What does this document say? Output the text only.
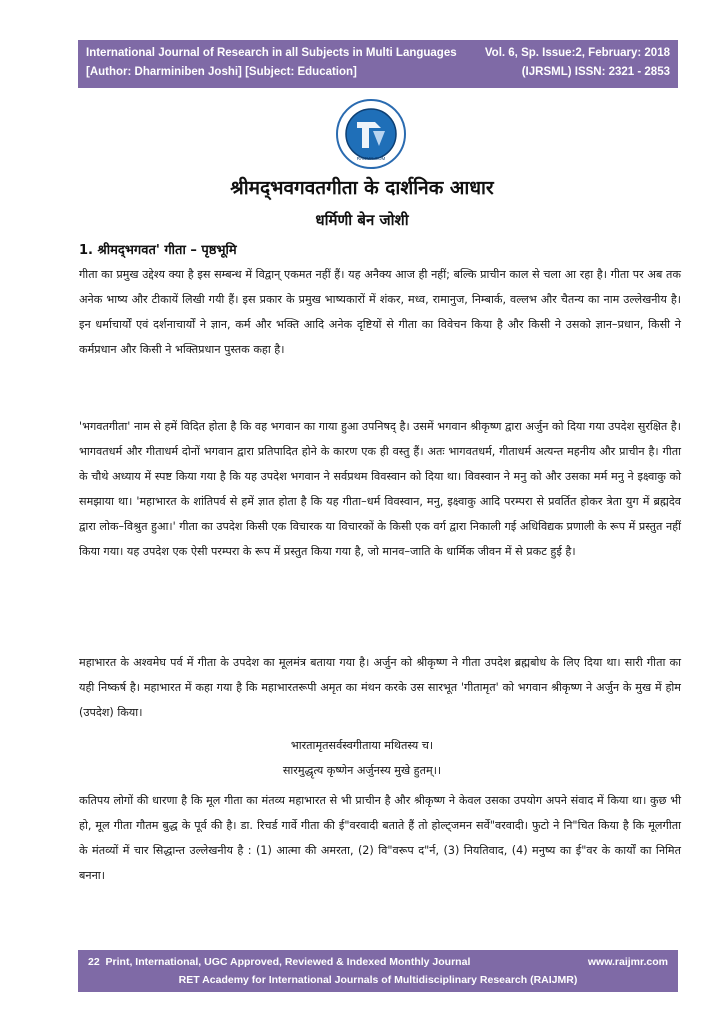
International Journal of Research in all Subjects in Multi Languages
[Author: Dharminiben Joshi] [Subject: Education]
Vol. 6, Sp. Issue:2, February: 2018
(IJRSML) ISSN: 2321 - 2853
RAIJMR.COM
श्रीमद्‌भवगवतगीता के दार्शनिक आधार
धर्मिणी बेन जोशी
1. श्रीमद्‌भगवत' गीता – पृष्ठभूमि
गीता का प्रमुख उद्देश्य क्या है इस सम्बन्ध में विद्वान्‌ एकमत नहीं हैं। यह अनैक्य आज ही नहीं; बल्कि प्राचीन काल से चला आ रहा है। गीता पर अब तक अनेक भाष्य और टीकायें लिखी गयी हैं। इस प्रकार के प्रमुख भाष्यकारों में शंकर, मध्व, रामानुज, निम्बार्क, वल्लभ और चैतन्य का नाम उल्लेखनीय है। इन धर्माचार्यों एवं दर्शनाचार्यों ने ज्ञान, कर्म और भक्ति आदि अनेक दृष्टियों से गीता का विवेचन किया है और किसी ने उसको ज्ञान–प्रधान, किसी ने कर्मप्रधान और किसी ने भक्तिप्रधान पुस्तक कहा है।
'भगवतगीता' नाम से हमें विदित होता है कि वह भगवान का गाया हुआ उपनिषद्‌ है। उसमें भगवान श्रीकृष्ण द्वारा अर्जुन को दिया गया उपदेश सुरक्षित है। भागवतधर्म और गीताधर्म दोनों भगवान द्वारा प्रतिपादित होने के कारण एक ही वस्तु हैं। अतः भागवतधर्म, गीताधर्म अत्यन्त महनीय और प्राचीन है। गीता के चौथे अध्याय में स्पष्ट किया गया है कि यह उपदेश भगवान ने सर्वप्रथम विवस्वान को दिया था। विवस्वान ने मनु को और उसका मर्म मनु ने इक्ष्वाकु को समझाया था। 'महाभारत के शांतिपर्व से हमें ज्ञात होता है कि यह गीता–धर्म विवस्वान, मनु, इक्ष्वाकु आदि परम्परा से प्रवर्तित होकर त्रेता युग में ब्रह्मदेव द्वारा लोक–विश्रुत हुआ।' गीता का उपदेश किसी एक विचारक या विचारकों के किसी एक वर्ग द्वारा निकाली गई अधिविद्यक प्रणाली के रूप में प्रस्तुत नहीं किया गया। यह उपदेश एक ऐसी परम्परा के रूप में प्रस्तुत किया गया है, जो मानव–जाति के धार्मिक जीवन में से प्रकट हुई है।
महाभारत के अश्वमेघ पर्व में गीता के उपदेश का मूलमंत्र बताया गया है। अर्जुन को श्रीकृष्ण ने गीता उपदेश ब्रह्मबोध के लिए दिया था। सारी गीता का यही निष्कर्ष है। महाभारत में कहा गया है कि महाभारतरूपी अमृत का मंथन करके उस सारभूत 'गीतामृत' को भगवान श्रीकृष्ण ने अर्जुन के मुख में होम (उपदेश) किया।
भारतामृतसर्वस्वगीताया मथितस्य च।
सारमुद्धृत्य कृष्णेन अर्जुनस्य मुखे हुतम्‌।।
कतिपय लोगों की धारणा है कि मूल गीता का मंतव्य महाभारत से भी प्राचीन है और श्रीकृष्ण ने केवल उसका उपयोग अपने संवाद में किया था। कुछ भी हो, मूल गीता गौतम बुद्ध के पूर्व की है। डा. रिचर्ड गार्वे गीता की ई"वरवादी बताते हैं तो होल्ट्जमन सर्वे"वरवादी। फुटो ने नि"चित किया है कि मूलगीता के मंतव्यों में चार सिद्धान्त उल्लेखनीय है : (1) आत्मा की अमरता, (2) वि"वरूप द"र्न, (3) नियतिवाद, (4) मनुष्य का ई"वर के कार्यों का निमित बनना।
22 Print, International, UGC Approved, Reviewed & Indexed Monthly Journal	www.raijmr.com
RET Academy for International Journals of Multidisciplinary Research (RAIJMR)
